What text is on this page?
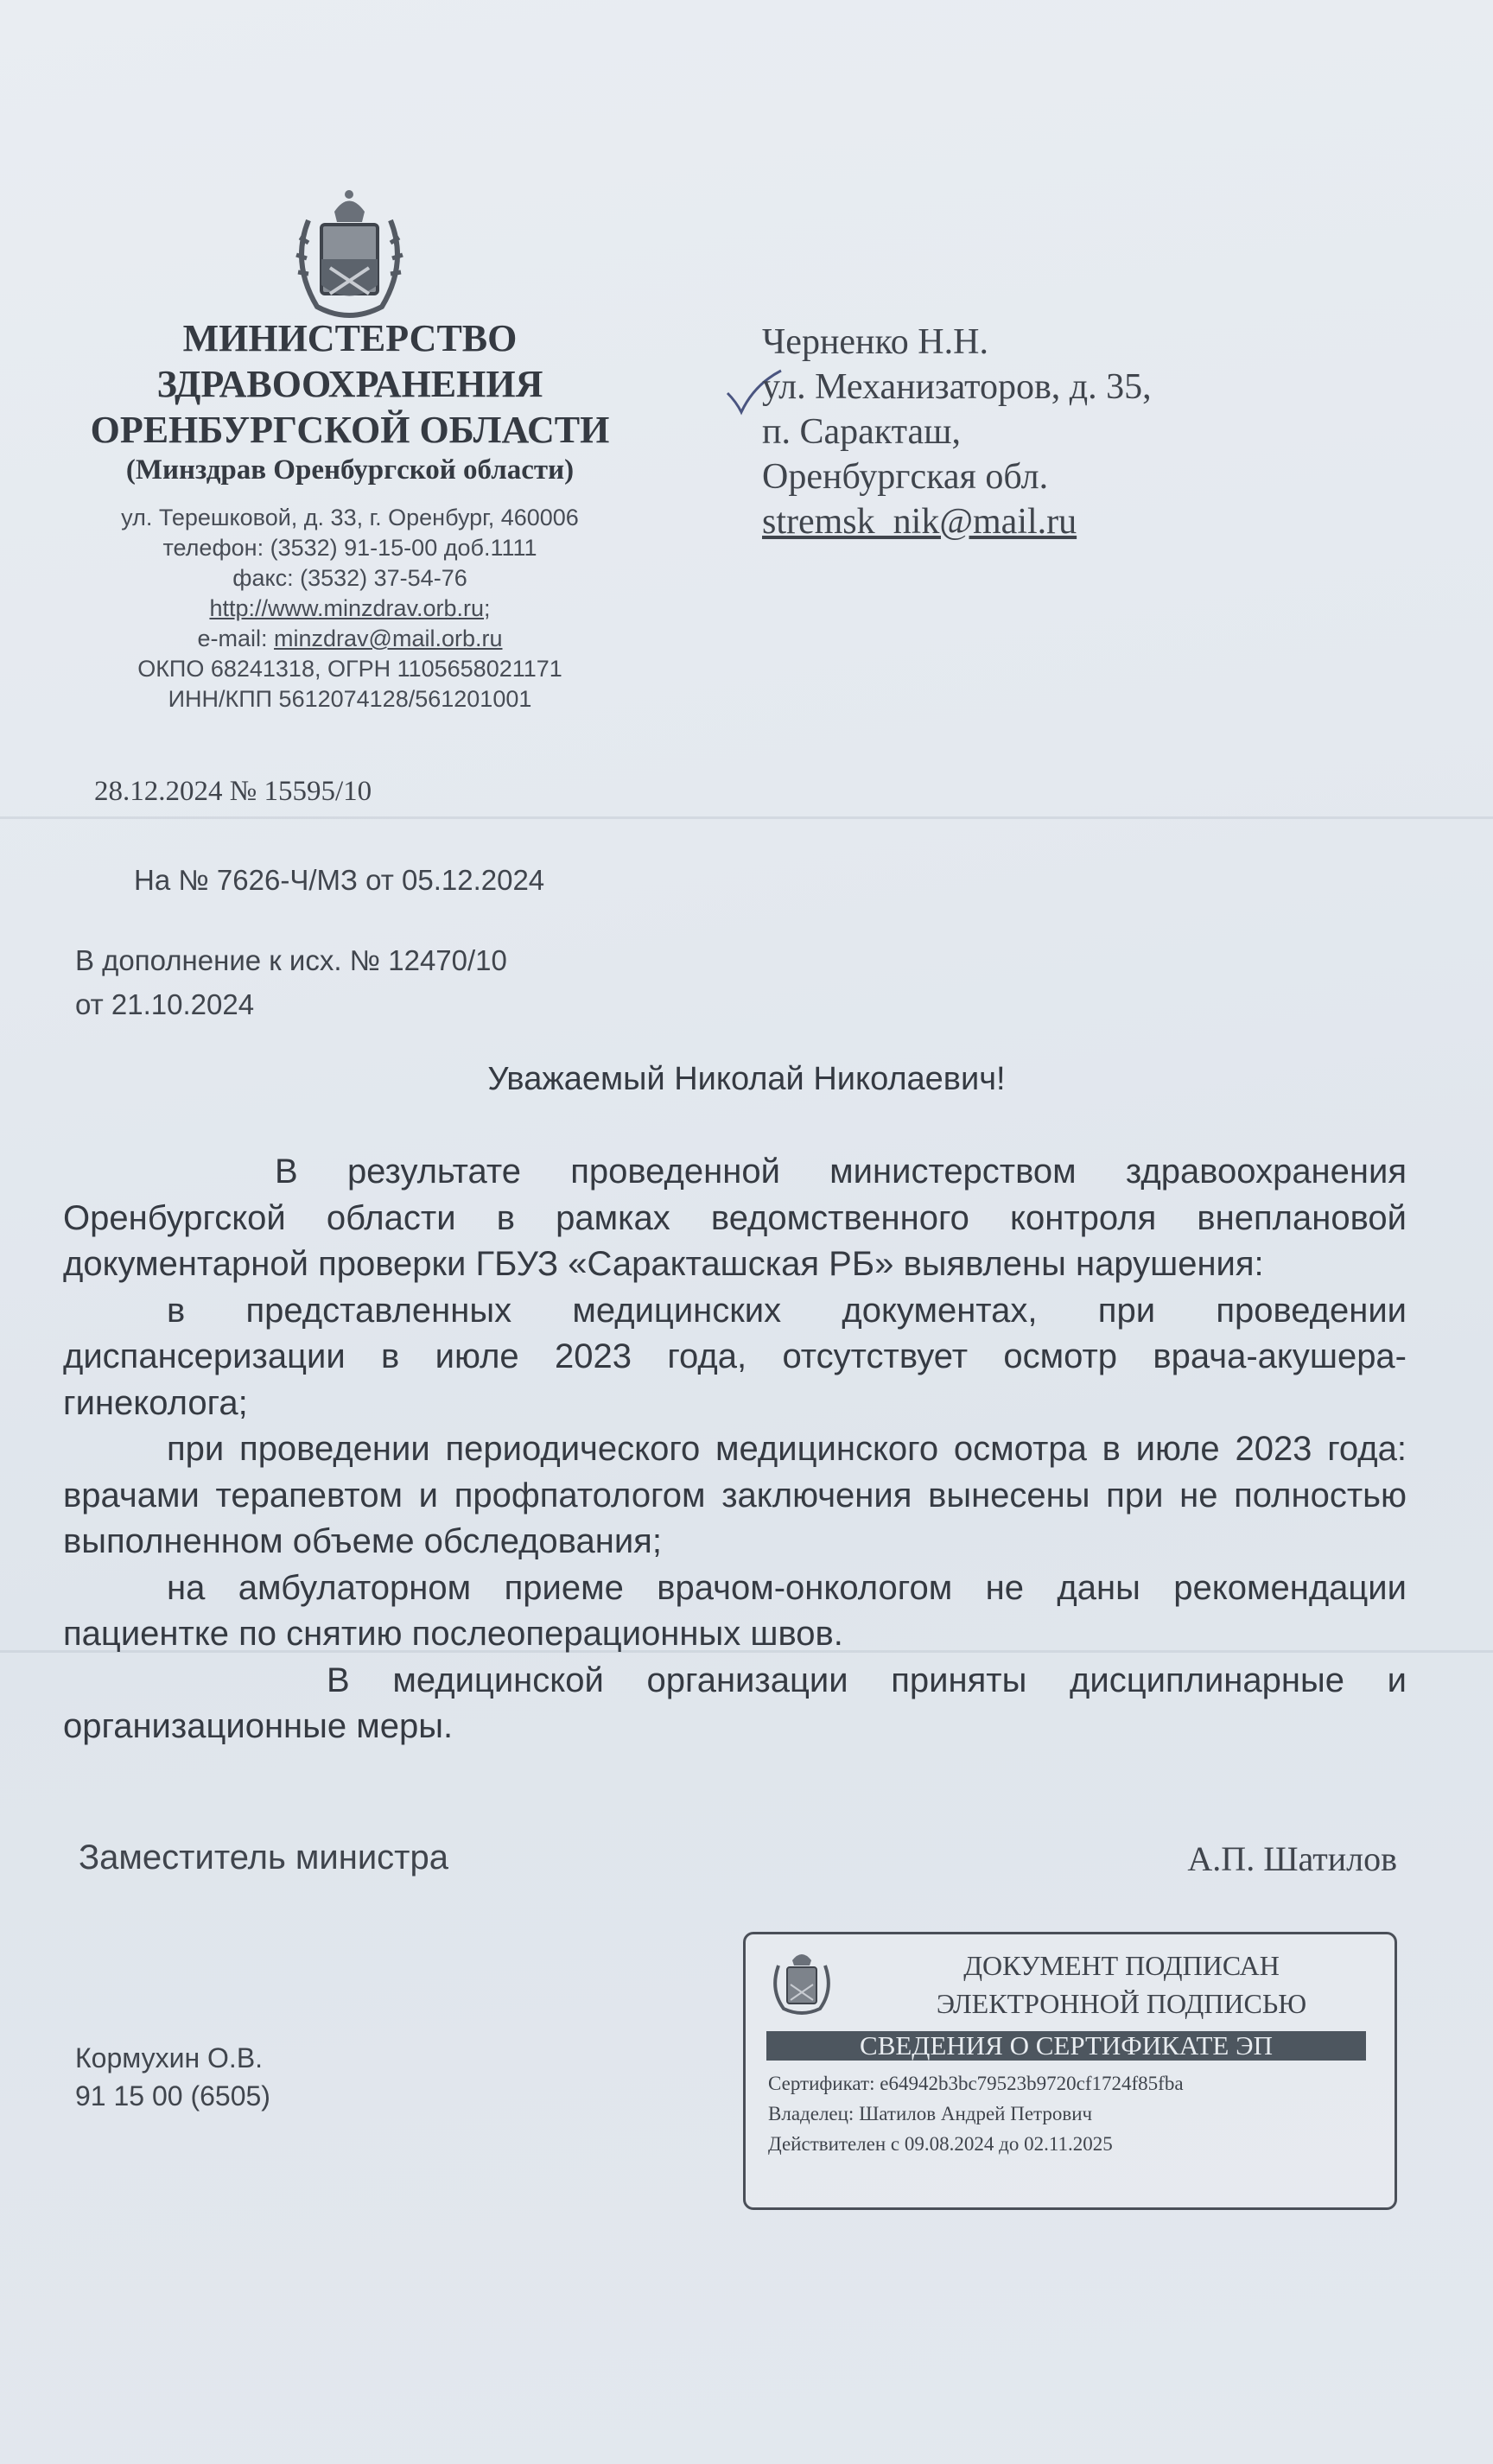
МИНИСТЕРСТВО
ЗДРАВООХРАНЕНИЯ
ОРЕНБУРГСКОЙ ОБЛАСТИ
(Минздрав Оренбургской области)
ул. Терешковой, д. 33, г. Оренбург, 460006
телефон: (3532) 91-15-00 доб.1111
факс: (3532) 37-54-76
http://www.minzdrav.orb.ru;
e-mail: minzdrav@mail.orb.ru
ОКПО 68241318, ОГРН 1105658021171
ИНН/КПП 5612074128/561201001
Черненко Н.Н.
ул. Механизаторов, д. 35,
п. Саракташ,
Оренбургская обл.
stremsk_nik@mail.ru
28.12.2024 № 15595/10
На № 7626-Ч/МЗ от 05.12.2024
В дополнение к исх. № 12470/10
от 21.10.2024
Уважаемый Николай Николаевич!

В результате проведенной министерством здравоохранения Оренбургской области в рамках ведомственного контроля внеплановой документарной проверки ГБУЗ «Саракташская РБ» выявлены нарушения:

в представленных медицинских документах, при проведении диспансеризации в июле 2023 года, отсутствует осмотр врача-акушера-гинеколога;

при проведении периодического медицинского осмотра в июле 2023 года: врачами терапевтом и профпатологом заключения вынесены при не полностью выполненном объеме обследования;

на амбулаторном приеме врачом-онкологом не даны рекомендации пациентке по снятию послеоперационных швов.

В медицинской организации приняты дисциплинарные и организационные меры.

Заместитель министра	А.П. Шатилов
ДОКУМЕНТ ПОДПИСАН
ЭЛЕКТРОННОЙ ПОДПИСЬЮ
СВЕДЕНИЯ О СЕРТИФИКАТЕ ЭП
Сертификат: e64942b3bc79523b9720cf1724f85fba
Владелец: Шатилов Андрей Петрович
Действителен с 09.08.2024 до 02.11.2025
Кормухин О.В.
91 15 00 (6505)
